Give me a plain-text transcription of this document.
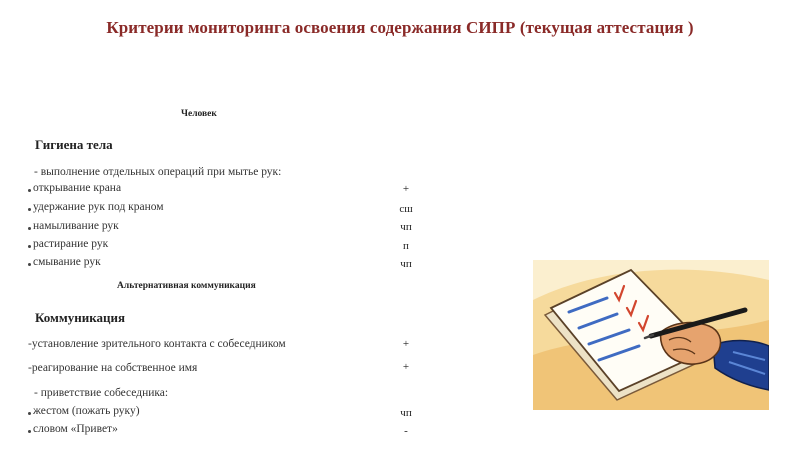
Критерии мониторинга освоения содержания СИПР (текущая аттестация )
Человек
Гигиена тела
- выполнение отдельных операций при мытье рук:
открывание крана	+
удержание рук под краном	сш
намыливание рук	чп
растирание рук	п
смывание рук	чп
Альтернативная коммуникация
Коммуникация
-установление зрительного контакта с собеседником	+
-реагирование на собственное имя	+
- приветствие собеседника:
жестом (пожать руку)	чп
словом «Привет»	-
